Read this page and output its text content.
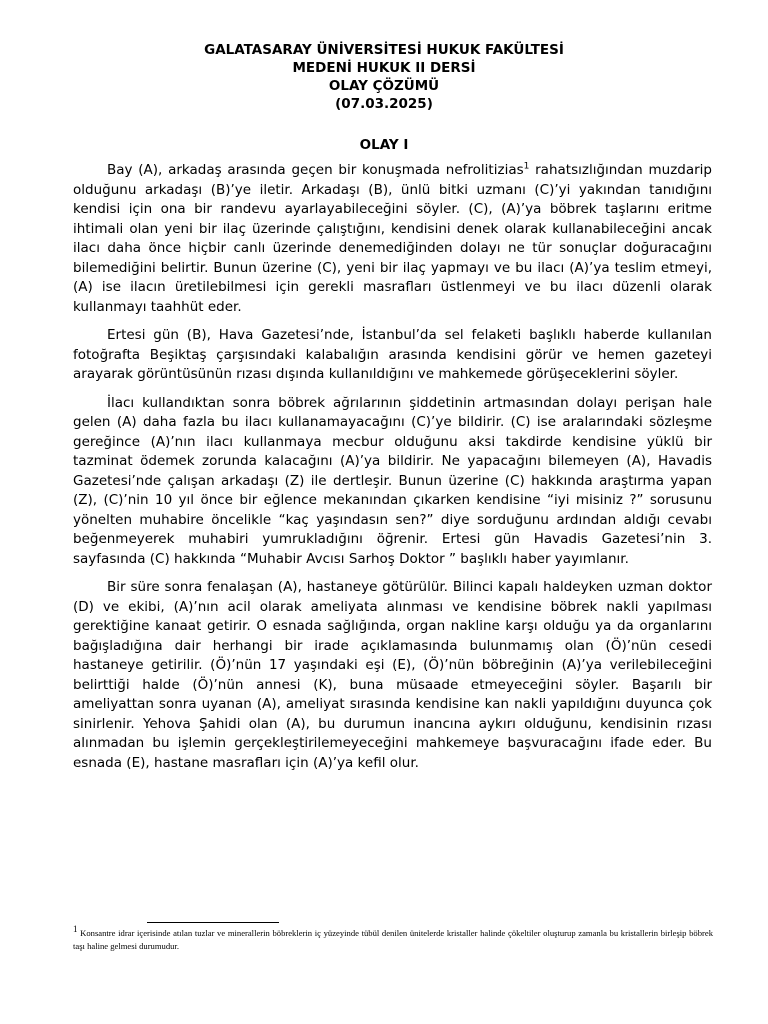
GALATASARAY ÜNİVERSİTESİ HUKUK FAKÜLTESİ
MEDENİ HUKUK II DERSİ
OLAY ÇÖZÜMÜ
(07.03.2025)
OLAY I

Bay (A), arkadaş arasında geçen bir konuşmada nefrolitizias$^1$ rahatsızlığından muzdarip olduğunu arkadaşı (B)’ye iletir. Arkadaşı (B), ünlü bitki uzmanı (C)’yi yakından tanıdığını kendisi için ona bir randevu ayarlayabileceğini söyler. (C), (A)’ya böbrek taşlarını eritme ihtimali olan yeni bir ilaç üzerinde çalıştığını, kendisini denek olarak kullanabileceğini ancak ilacı daha önce hiçbir canlı üzerinde denemediğinden dolayı ne tür sonuçlar doğuracağını bilemediğini belirtir. Bunun üzerine (C), yeni bir ilaç yapmayı ve bu ilacı (A)’ya teslim etmeyi, (A) ise ilacın üretilebilmesi için gerekli masrafları üstlenmeyi ve bu ilacı düzenli olarak kullanmayı taahhüt eder.

Ertesi gün (B), Hava Gazetesi’nde, İstanbul’da sel felaketi başlıklı haberde kullanılan fotoğrafta Beşiktaş çarşısındaki kalabalığın arasında kendisini görür ve hemen gazeteyi arayarak görüntüsünün rızası dışında kullanıldığını ve mahkemede görüşeceklerini söyler.

İlacı kullandıktan sonra böbrek ağrılarının şiddetinin artmasından dolayı perişan hale gelen (A) daha fazla bu ilacı kullanamayacağını (C)’ye bildirir. (C) ise aralarındaki sözleşme gereğince (A)’nın ilacı kullanmaya mecbur olduğunu aksi takdirde kendisine yüklü bir tazminat ödemek zorunda kalacağını (A)’ya bildirir. Ne yapacağını bilemeyen (A), Havadis Gazetesi’nde çalışan arkadaşı (Z) ile dertleşir. Bunun üzerine (C) hakkında araştırma yapan (Z), (C)’nin 10 yıl önce bir eğlence mekanından çıkarken kendisine “iyi misiniz ?” sorusunu yönelten muhabire öncelikle “kaç yaşındasın sen?” diye sorduğunu ardından aldığı cevabı beğenmeyerek muhabiri yumrukladığını öğrenir. Ertesi gün Havadis Gazetesi’nin 3. sayfasında (C) hakkında “Muhabir Avcısı Sarhoş Doktor ” başlıklı haber yayımlanır.

Bir süre sonra fenalaşan (A), hastaneye götürülür. Bilinci kapalı haldeyken uzman doktor (D) ve ekibi, (A)’nın acil olarak ameliyata alınması ve kendisine böbrek nakli yapılması gerektiğine kanaat getirir. O esnada sağlığında, organ nakline karşı olduğu ya da organlarını bağışladığına dair herhangi bir irade açıklamasında bulunmamış olan (Ö)’nün cesedi hastaneye getirilir. (Ö)’nün 17 yaşındaki eşi (E), (Ö)’nün böbreğinin (A)’ya verilebileceğini belirttiği halde (Ö)’nün annesi (K), buna müsaade etmeyeceğini söyler. Başarılı bir ameliyattan sonra uyanan (A), ameliyat sırasında kendisine kan nakli yapıldığını duyunca çok sinirlenir. Yehova Şahidi olan (A), bu durumun inancına aykırı olduğunu, kendisinin rızası alınmadan bu işlemin gerçekleştirilemeyeceğini mahkemeye başvuracağını ifade eder. Bu esnada (E), hastane masrafları için (A)’ya kefil olur.

$^1$ Konsantre idrar içerisinde atılan tuzlar ve minerallerin böbreklerin iç yüzeyinde tübül denilen ünitelerde kristaller halinde çökeltiler oluşturup zamanla bu kristallerin birleşip böbrek taşı haline gelmesi durumudur.
